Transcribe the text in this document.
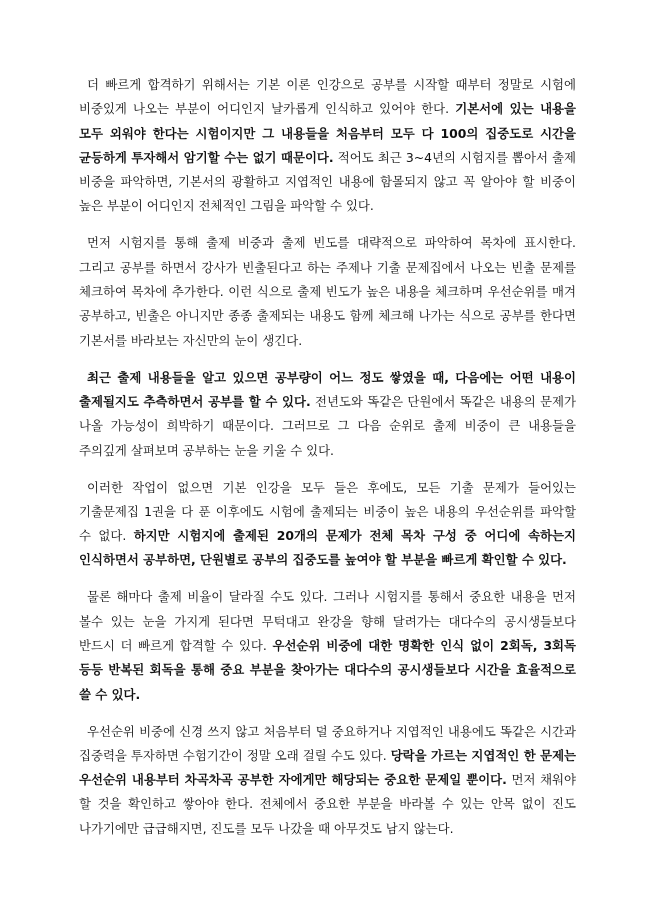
더 빠르게 합격하기 위해서는 기본 이론 인강으로 공부를 시작할 때부터 정말로 시험에 비중있게 나오는 부분이 어디인지 날카롭게 인식하고 있어야 한다. 기본서에 있는 내용을 모두 외워야 한다는 시험이지만 그 내용들을 처음부터 모두 다 100의 집중도로 시간을 균등하게 투자해서 암기할 수는 없기 때문이다. 적어도 최근 3~4년의 시험지를 뽑아서 출제 비중을 파악하면, 기본서의 광활하고 지엽적인 내용에 함몰되지 않고 꼭 알아야 할 비중이 높은 부분이 어디인지 전체적인 그림을 파악할 수 있다.

먼저 시험지를 통해 출제 비중과 출제 빈도를 대략적으로 파악하여 목차에 표시한다. 그리고 공부를 하면서 강사가 빈출된다고 하는 주제나 기출 문제집에서 나오는 빈출 문제를 체크하여 목차에 추가한다. 이런 식으로 출제 빈도가 높은 내용을 체크하며 우선순위를 매겨 공부하고, 빈출은 아니지만 종종 출제되는 내용도 함께 체크해 나가는 식으로 공부를 한다면 기본서를 바라보는 자신만의 눈이 생긴다.

최근 출제 내용들을 알고 있으면 공부량이 어느 정도 쌓였을 때, 다음에는 어떤 내용이 출제될지도 추측하면서 공부를 할 수 있다. 전년도와 똑같은 단원에서 똑같은 내용의 문제가 나올 가능성이 희박하기 때문이다. 그러므로 그 다음 순위로 출제 비중이 큰 내용들을 주의깊게 살펴보며 공부하는 눈을 키울 수 있다.

이러한 작업이 없으면 기본 인강을 모두 들은 후에도, 모든 기출 문제가 들어있는 기출문제집 1권을 다 푼 이후에도 시험에 출제되는 비중이 높은 내용의 우선순위를 파악할 수 없다. 하지만 시험지에 출제된 20개의 문제가 전체 목차 구성 중 어디에 속하는지 인식하면서 공부하면, 단원별로 공부의 집중도를 높여야 할 부분을 빠르게 확인할 수 있다.

물론 해마다 출제 비율이 달라질 수도 있다. 그러나 시험지를 통해서 중요한 내용을 먼저 볼수 있는 눈을 가지게 된다면 무턱대고 완강을 향해 달려가는 대다수의 공시생들보다 반드시 더 빠르게 합격할 수 있다. 우선순위 비중에 대한 명확한 인식 없이 2회독, 3회독 등등 반복된 회독을 통해 중요 부분을 찾아가는 대다수의 공시생들보다 시간을 효율적으로 쓸 수 있다.

우선순위 비중에 신경 쓰지 않고 처음부터 덜 중요하거나 지엽적인 내용에도 똑같은 시간과 집중력을 투자하면 수험기간이 정말 오래 걸릴 수도 있다. 당락을 가르는 지엽적인 한 문제는 우선순위 내용부터 차곡차곡 공부한 자에게만 해당되는 중요한 문제일 뿐이다. 먼저 채워야 할 것을 확인하고 쌓아야 한다. 전체에서 중요한 부분을 바라볼 수 있는 안목 없이 진도 나가기에만 급급해지면, 진도를 모두 나갔을 때 아무것도 남지 않는다.
